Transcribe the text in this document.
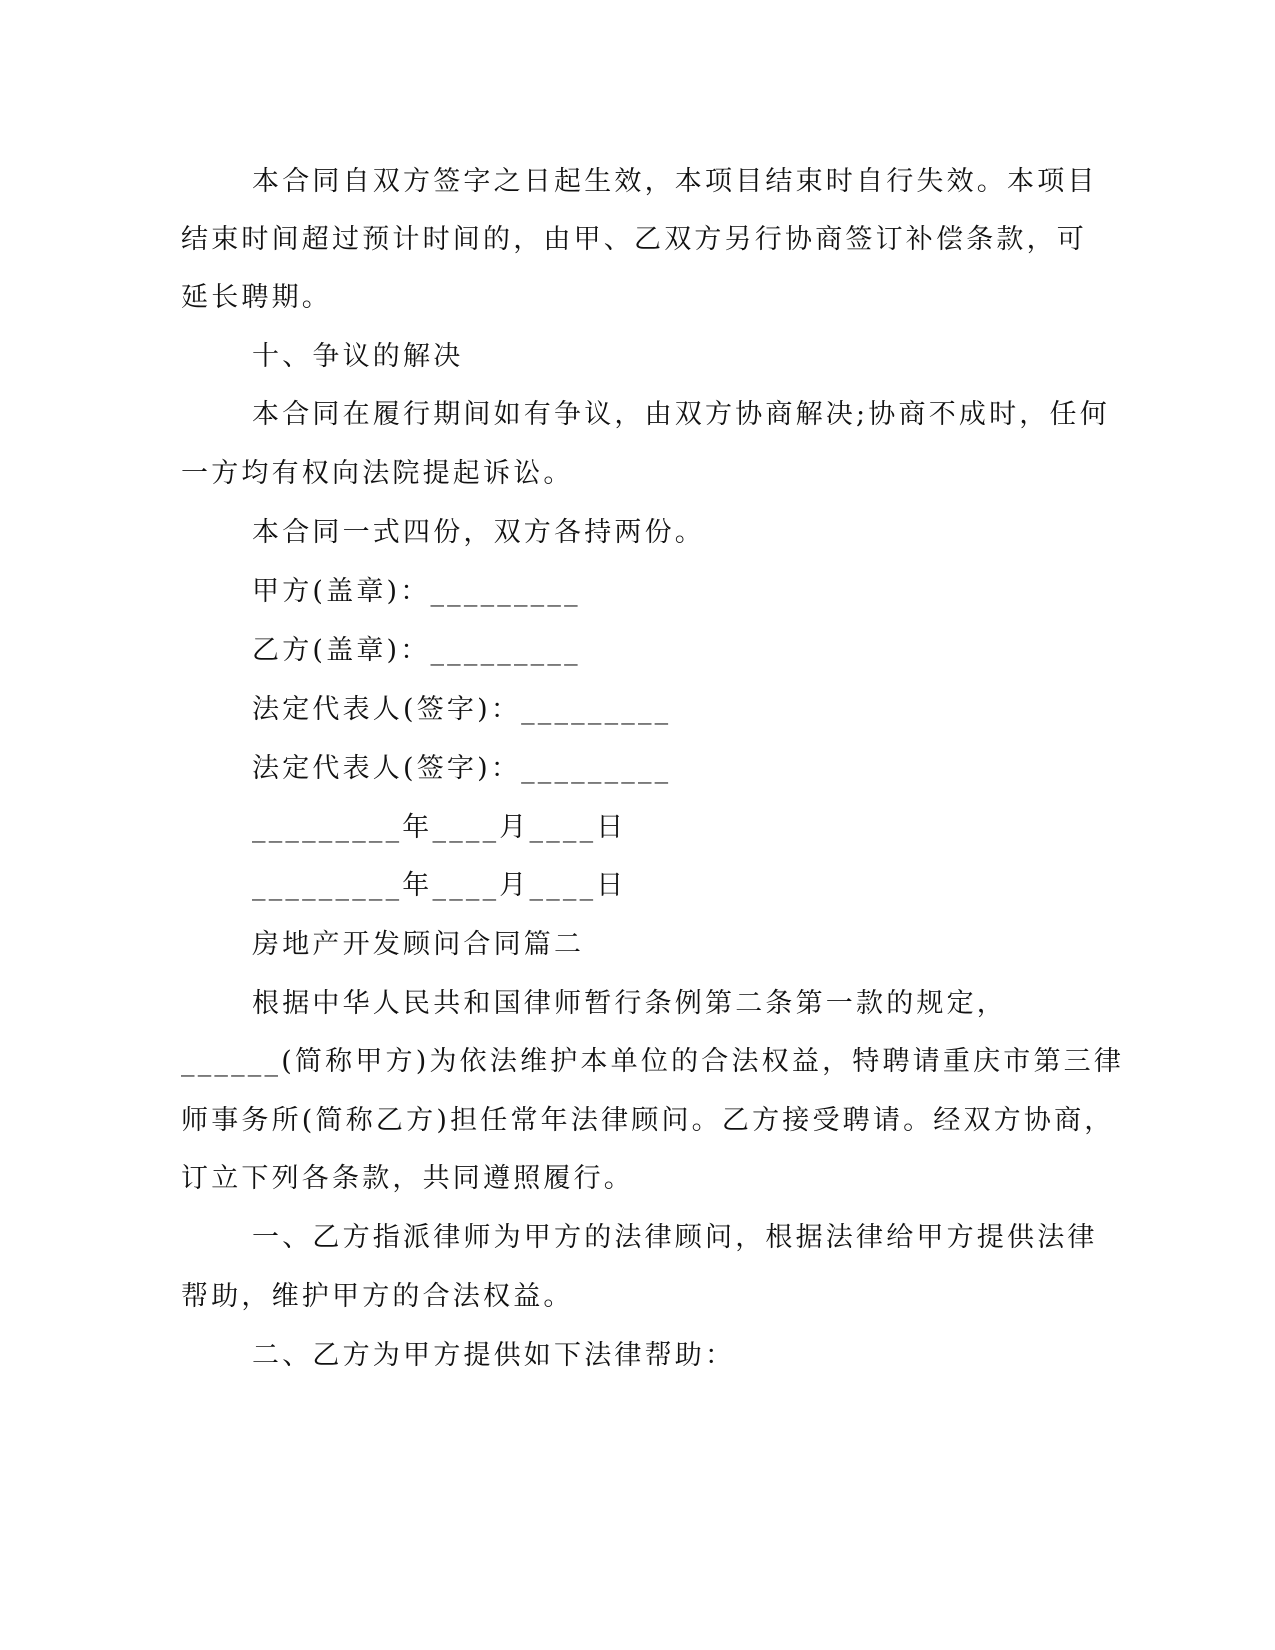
本合同自双方签字之日起生效，本项目结束时自行失效。本项目
结束时间超过预计时间的，由甲、乙双方另行协商签订补偿条款，可
延长聘期。
十、争议的解决
本合同在履行期间如有争议，由双方协商解决;协商不成时，任何
一方均有权向法院提起诉讼。
本合同一式四份，双方各持两份。
甲方(盖章)：_________
乙方(盖章)：_________
法定代表人(签字)：_________
法定代表人(签字)：_________
_________年____月____日
_________年____月____日
房地产开发顾问合同篇二
根据中华人民共和国律师暂行条例第二条第一款的规定，
______(简称甲方)为依法维护本单位的合法权益，特聘请重庆市第三律
师事务所(简称乙方)担任常年法律顾问。乙方接受聘请。经双方协商，
订立下列各条款，共同遵照履行。
一、乙方指派律师为甲方的法律顾问，根据法律给甲方提供法律
帮助，维护甲方的合法权益。
二、乙方为甲方提供如下法律帮助：
